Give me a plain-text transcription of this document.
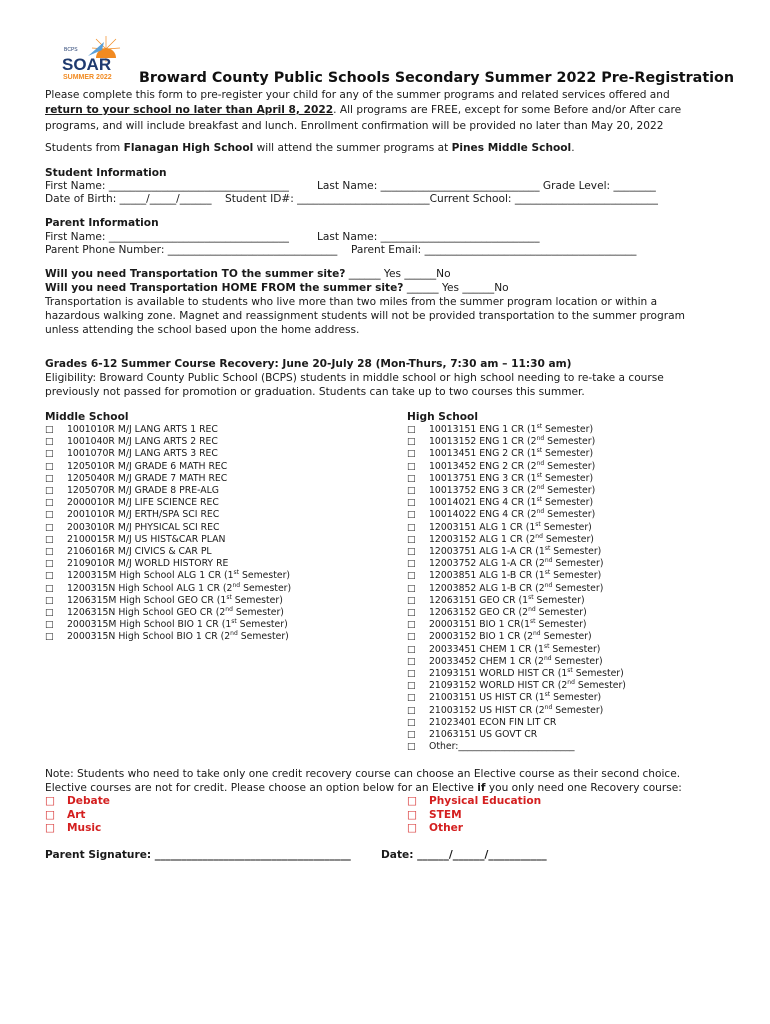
BCPS
SOAR
SUMMER 2022 Broward County Public Schools Secondary Summer 2022 Pre-Registration
Please complete this form to pre-register your child for any of the summer programs and related services offered and
return to your school no later than April 8, 2022. All programs are FREE, except for some Before and/or After care
programs, and will include breakfast and lunch. Enrollment confirmation will be provided no later than May 20, 2022
Students from Flanagan High School will attend the summer programs at Pines Middle School.
Student Information
First Name: __________________________________	Last Name: ______________________________ Grade Level: ________
Date of Birth: _____/_____/______ Student ID#: _________________________Current School: ___________________________
Parent Information
First Name: __________________________________	Last Name: ______________________________
Parent Phone Number: ________________________________ Parent Email: ________________________________________
Will you need Transportation TO the summer site? ______ Yes ______No
Will you need Transportation HOME FROM the summer site? ______ Yes ______No
Transportation is available to students who live more than two miles from the summer program location or within a
hazardous walking zone. Magnet and reassignment students will not be provided transportation to the summer program
unless attending the school based upon the home address.
Grades 6-12 Summer Course Recovery: June 20-July 28 (Mon-Thurs, 7:30 am – 11:30 am)
Eligibility: Broward County Public School (BCPS) students in middle school or high school needing to re-take a course
previously not passed for promotion or graduation. Students can take up to two courses this summer.
Middle School	High School
□ 1001010R M/J LANG ARTS 1 REC
□ 1001040R M/J LANG ARTS 2 REC
□ 1001070R M/J LANG ARTS 3 REC
□ 1205010R M/J GRADE 6 MATH REC
□ 1205040R M/J GRADE 7 MATH REC
□ 1205070R M/J GRADE 8 PRE-ALG
□ 2000010R M/J LIFE SCIENCE REC
□ 2001010R M/J ERTH/SPA SCI REC
□ 2003010R M/J PHYSICAL SCI REC
□ 2100015R M/J US HIST&CAR PLAN
□ 2106016R M/J CIVICS & CAR PL
□ 2109010R M/J WORLD HISTORY RE
□ 1200315M High School ALG 1 CR (1st Semester)
□ 1200315N High School ALG 1 CR (2nd Semester)
□ 1206315M High School GEO CR (1st Semester)
□ 1206315N High School GEO CR (2nd Semester)
□ 2000315M High School BIO 1 CR (1st Semester)
□ 2000315N High School BIO 1 CR (2nd Semester)
□ 10013151 ENG 1 CR (1st Semester)
□ 10013152 ENG 1 CR (2nd Semester)
□ 10013451 ENG 2 CR (1st Semester)
□ 10013452 ENG 2 CR (2nd Semester)
□ 10013751 ENG 3 CR (1st Semester)
□ 10013752 ENG 3 CR (2nd Semester)
□ 10014021 ENG 4 CR (1st Semester)
□ 10014022 ENG 4 CR (2nd Semester)
□ 12003151 ALG 1 CR (1st Semester)
□ 12003152 ALG 1 CR (2nd Semester)
□ 12003751 ALG 1-A CR (1st Semester)
□ 12003752 ALG 1-A CR (2nd Semester)
□ 12003851 ALG 1-B CR (1st Semester)
□ 12003852 ALG 1-B CR (2nd Semester)
□ 12063151 GEO CR (1st Semester)
□ 12063152 GEO CR (2nd Semester)
□ 20003151 BIO 1 CR(1st Semester)
□ 20003152 BIO 1 CR (2nd Semester)
□ 20033451 CHEM 1 CR (1st Semester)
□ 20033452 CHEM 1 CR (2nd Semester)
□ 21093151 WORLD HIST CR (1st Semester)
□ 21093152 WORLD HIST CR (2nd Semester)
□ 21003151 US HIST CR (1st Semester)
□ 21003152 US HIST CR (2nd Semester)
□ 21023401 ECON FIN LIT CR
□ 21063151 US GOVT CR
□ Other:_________________________
Note: Students who need to take only one credit recovery course can choose an Elective course as their second choice.
Elective courses are not for credit. Please choose an option below for an Elective if you only need one Recovery course:
□ Debate
□ Art
□ Music
□ Physical Education
□ STEM
□ Other
Parent Signature: _____________________________________	Date: ______/______/___________
